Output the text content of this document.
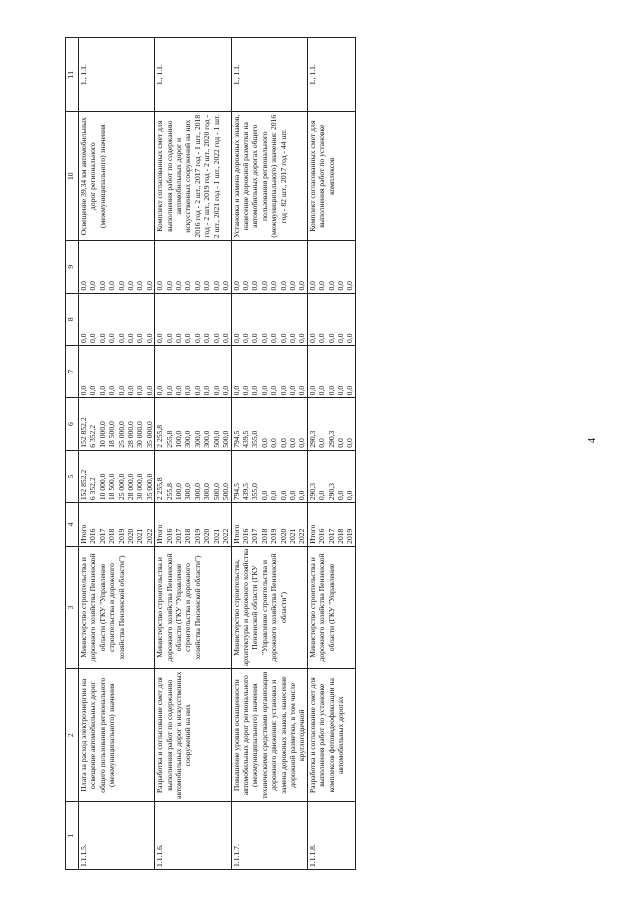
4
1	2	3	4	5	6	7	8	9	10	11
1.1.1.5.	Плата за расход электроэнергии на освещение автомобильных дорог общего пользования регионального (межмуниципального) значения	Министерство строительства и дорожного хозяйства Пензенской области (ГКУ "Управление строительства и дорожного хозяйства Пензенской области")	Итого	152 852,2	152 852,2	0,0	0,0	0,0	Освещение 39,34 км автомобильных дорог регионального (межмуниципального) значения	1., 1.1.
			2016	6 352,2	6 352,2	0,0	0,0	0,0		
			2017	10 000,0	10 000,0	0,0	0,0	0,0		
			2018	18 500,0	18 500,0	0,0	0,0	0,0		
			2019	25 000,0	25 000,0	0,0	0,0	0,0		
			2020	28 000,0	28 000,0	0,0	0,0	0,0		
			2021	30 000,0	30 000,0	0,0	0,0	0,0		
			2022	35 000,0	35 000,0	0,0	0,0	0,0		
1.1.1.6.	Разработка и согласование смет для выполнения работ по содержанию автомобильных дорог и искусственных сооружений на них	Министерство строительства и дорожного хозяйства Пензенской области (ГКУ "Управление строительства и дорожного хозяйства Пензенской области")	Итого	2 255,8	2 255,8	0,0	0,0	0,0	Комплект согласованных смет для выполнения работ по содержанию автомобильных дорог и искусственных сооружений на них 2016 год - 2 шт., 2017 год - 1 шт., 2018 год - 2 шт., 2019 год - 2 шт., 2020 год - 2 шт., 2021 год - 1 шт., 2022 год - 1 шт.	1., 1.1.
			2016	255,8	255,8	0,0	0,0	0,0		
			2017	100,0	100,0	0,0	0,0	0,0		
			2018	300,0	300,0	0,0	0,0	0,0		
			2019	300,0	300,0	0,0	0,0	0,0		
			2020	300,0	300,0	0,0	0,0	0,0		
			2021	500,0	500,0	0,0	0,0	0,0		
			2022	500,0	500,0	0,0	0,0	0,0		
1.1.1.7.	Повышение уровня оснащенности автомобильных дорог регионального (межмуниципального) значения техническими средствами организации дорожного движения: установка и замена дорожных знаков, нанесение дорожной разметки, в том числе круглогодичной	Министерство строительства, архитектуры и дорожного хозяйства Пензенской области (ГКУ "Управление строительства и дорожного хозяйства Пензенской области")	Итого	794,5	794,5	0,0	0,0	0,0	Установка и замена дорожных знаков, нанесение дорожной разметки на автомобильных дорогах общего пользования регионального (межмуниципального) значения: 2016 год - 82 шт., 2017 год - 44 шт.	1., 1.1.
			2016	439,5	439,5	0,0	0,0	0,0		
			2017	355,0	355,0	0,0	0,0	0,0		
			2018	0,0	0,0	0,0	0,0	0,0		
			2019	0,0	0,0	0,0	0,0	0,0		
			2020	0,0	0,0	0,0	0,0	0,0		
			2021	0,0	0,0	0,0	0,0	0,0		
			2022	0,0	0,0	0,0	0,0	0,0		
1.1.1.8.	Разработка и согласование смет для выполнения работ по установке комплексов фотовидеофиксации на автомобильных дорогах	Министерство строительства и дорожного хозяйства Пензенской области (ГКУ "Управление	Итого	290,3	290,3	0,0	0,0	0,0	Комплект согласованных смет для выполнения работ по установке комплексов	1., 1.1.
			2016	0,0	0,0	0,0	0,0	0,0		
			2017	290,3	290,3	0,0	0,0	0,0		
			2018	0,0	0,0	0,0	0,0	0,0		
			2019	0,0	0,0	0,0	0,0	0,0		
